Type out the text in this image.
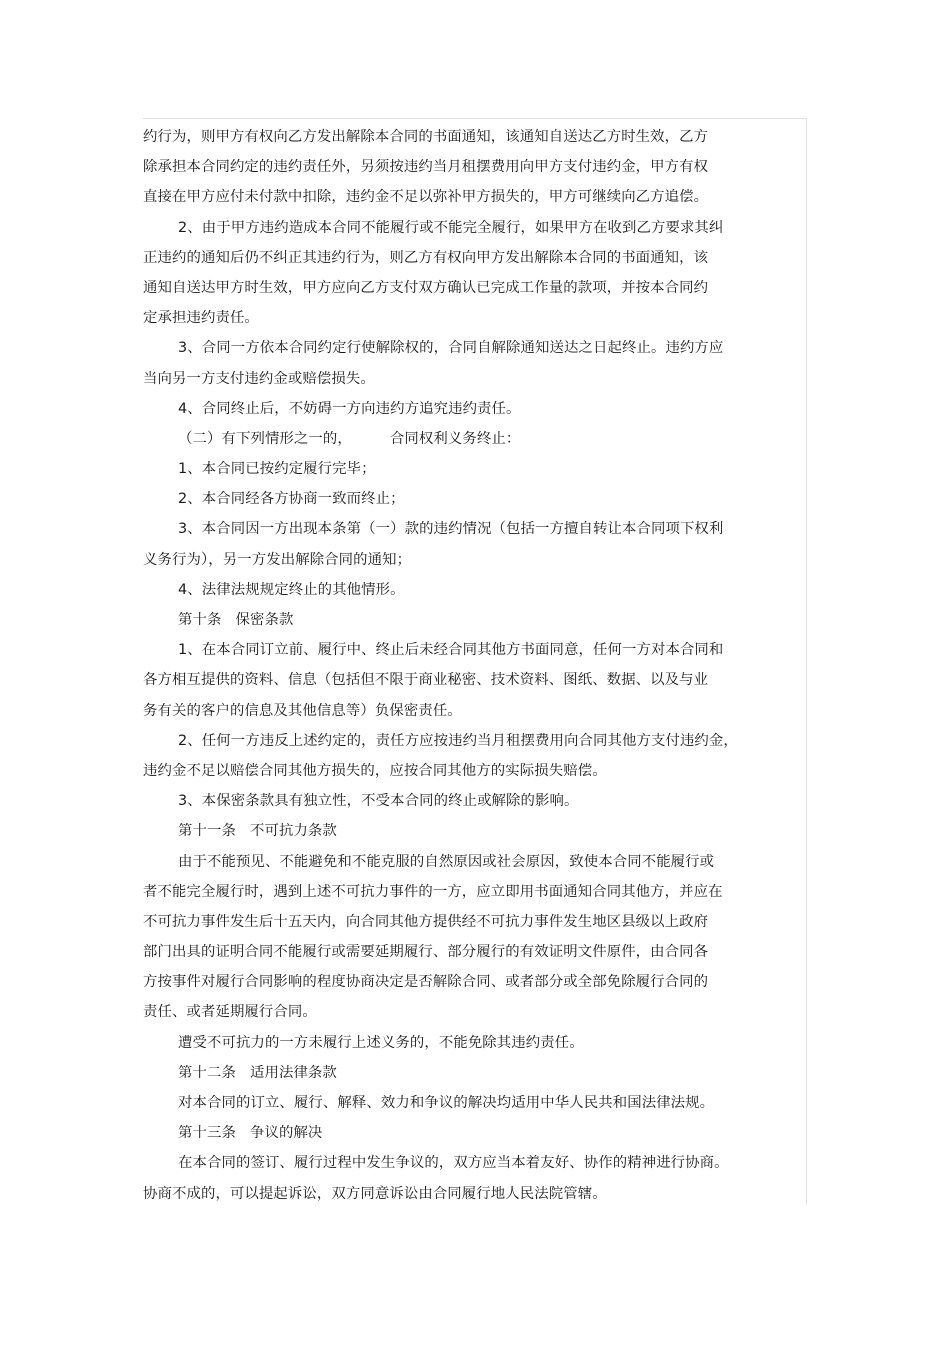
约行为，则甲方有权向乙方发出解除本合同的书面通知，该通知自送达乙方时生效，乙方
除承担本合同约定的违约责任外，另须按违约当月租摆费用向甲方支付违约金，甲方有权
直接在甲方应付未付款中扣除，违约金不足以弥补甲方损失的，甲方可继续向乙方追偿。
2、由于甲方违约造成本合同不能履行或不能完全履行，如果甲方在收到乙方要求其纠
正违约的通知后仍不纠正其违约行为，则乙方有权向甲方发出解除本合同的书面通知，该
通知自送达甲方时生效，甲方应向乙方支付双方确认已完成工作量的款项，并按本合同约
定承担违约责任。
3、合同一方依本合同约定行使解除权的，合同自解除通知送达之日起终止。违约方应
当向另一方支付违约金或赔偿损失。
4、合同终止后，不妨碍一方向违约方追究违约责任。
（二）有下列情形之一的，	合同权利义务终止：
1、本合同已按约定履行完毕；
2、本合同经各方协商一致而终止；
3、本合同因一方出现本条第（一）款的违约情况（包括一方擅自转让本合同项下权利
义务行为），另一方发出解除合同的通知；
4、法律法规规定终止的其他情形。
第十条 保密条款
1、在本合同订立前、履行中、终止后未经合同其他方书面同意，任何一方对本合同和
各方相互提供的资料、信息（包括但不限于商业秘密、技术资料、图纸、数据、以及与业
务有关的客户的信息及其他信息等）负保密责任。
2、任何一方违反上述约定的，责任方应按违约当月租摆费用向合同其他方支付违约金，
违约金不足以赔偿合同其他方损失的，应按合同其他方的实际损失赔偿。
3、本保密条款具有独立性，不受本合同的终止或解除的影响。
第十一条 不可抗力条款
由于不能预见、不能避免和不能克服的自然原因或社会原因，致使本合同不能履行或
者不能完全履行时，遇到上述不可抗力事件的一方，应立即用书面通知合同其他方，并应在
不可抗力事件发生后十五天内，向合同其他方提供经不可抗力事件发生地区县级以上政府
部门出具的证明合同不能履行或需要延期履行、部分履行的有效证明文件原件，由合同各
方按事件对履行合同影响的程度协商决定是否解除合同、或者部分或全部免除履行合同的
责任、或者延期履行合同。
遭受不可抗力的一方未履行上述义务的，不能免除其违约责任。
第十二条 适用法律条款
对本合同的订立、履行、解释、效力和争议的解决均适用中华人民共和国法律法规。
第十三条 争议的解决
在本合同的签订、履行过程中发生争议的，双方应当本着友好、协作的精神进行协商。
协商不成的，可以提起诉讼，双方同意诉讼由合同履行地人民法院管辖。
